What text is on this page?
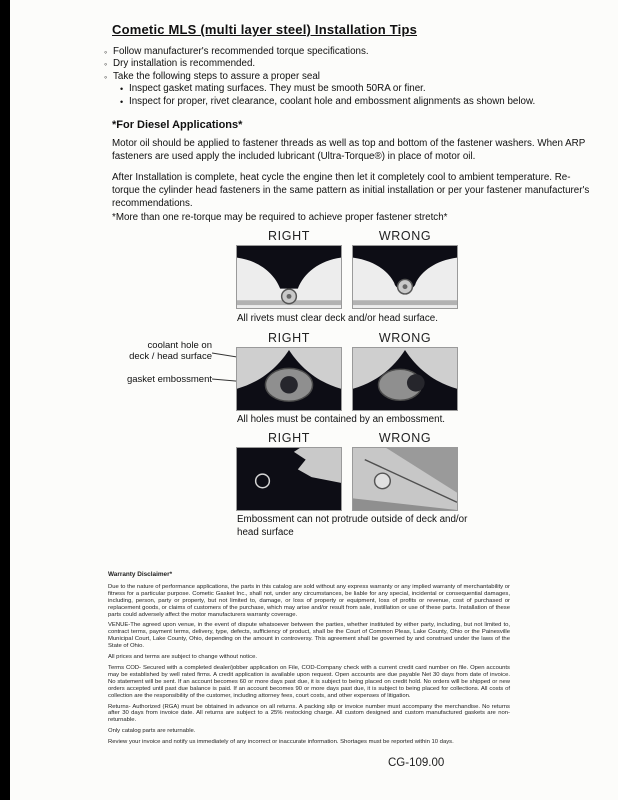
Cometic MLS (multi layer steel) Installation Tips
◦ Follow manufacturer's recommended torque specifications.
◦ Dry installation is recommended.
◦ Take the following steps to assure a proper seal
• Inspect gasket mating surfaces. They must be smooth 50RA or finer.
• Inspect for proper, rivet clearance, coolant hole and embossment alignments as shown below.
*For Diesel Applications*

Motor oil should be applied to fastener threads as well as top and bottom of the fastener washers. When ARP fasteners are used apply the included lubricant (Ultra-Torque®) in place of motor oil.

After Installation is complete, heat cycle the engine then let it completely cool to ambient temperature. Re-torque the cylinder head fasteners in the same pattern as initial installation or per your fastener manufacturer's recommendations.

*More than one re-torque may be required to achieve proper fastener stretch*

RIGHT	WRONG
All rivets must clear deck and/or head surface.
RIGHT	WRONG
coolant hole on
deck / head surface
gasket embossment
All holes must be contained by an embossment.
RIGHT	WRONG
Embossment can not protrude outside of deck and/or head surface
Warranty Disclaimer*

Due to the nature of performance applications, the parts in this catalog are sold without any express warranty or any implied warranty of merchantability or fitness for a particular purpose. Cometic Gasket Inc., shall not, under any circumstances, be liable for any special, incidental or consequential damages, including, person, party or property, but not limited to, damage, or loss of property or equipment, loss of profits or revenue, cost of purchased or replacement goods, or claims of customers of the purchase, which may arise and/or result from sale, instillation or use of these parts. Installation of these parts could adversely affect the motor manufacturers warranty coverage.

VENUE-The agreed upon venue, in the event of dispute whatsoever between the parties, whether instituted by either party, including, but not limited to, contract terms, payment terms, delivery, type, defects, sufficiency of product, shall be the Court of Common Pleas, Lake County, Ohio or the Painesville Municipal Court, Lake County, Ohio, depending on the amount in controversy. This agreement shall be governed by and construed under the laws of the State of Ohio.

All prices and terms are subject to change without notice.

Terms COD- Secured with a completed dealer/jobber application on File, COD-Company check with a current credit card number on file. Open accounts may be established by well rated firms. A credit application is available upon request. Open accounts are due payable Net 30 days from date of invoice. No statement will be sent. If an account becomes 60 or more days past due, it is subject to being placed on credit hold. No orders will be shipped or new orders accepted until past due balance is paid. If an account becomes 90 or more days past due, it is subject to being placed for collections. All costs of collection are the responsibility of the customer, including attorney fees, court costs, and other expenses of litigation.

Returns- Authorized (RGA) must be obtained in advance on all returns. A packing slip or invoice number must accompany the merchandise. No returns after 30 days from invoice date. All returns are subject to a 25% restocking charge. All custom designed and custom manufactured gaskets are non-returnable.

Only catalog parts are returnable.

Review your invoice and notify us immediately of any incorrect or inaccurate information. Shortages must be reported within 10 days.

CG-109.00
